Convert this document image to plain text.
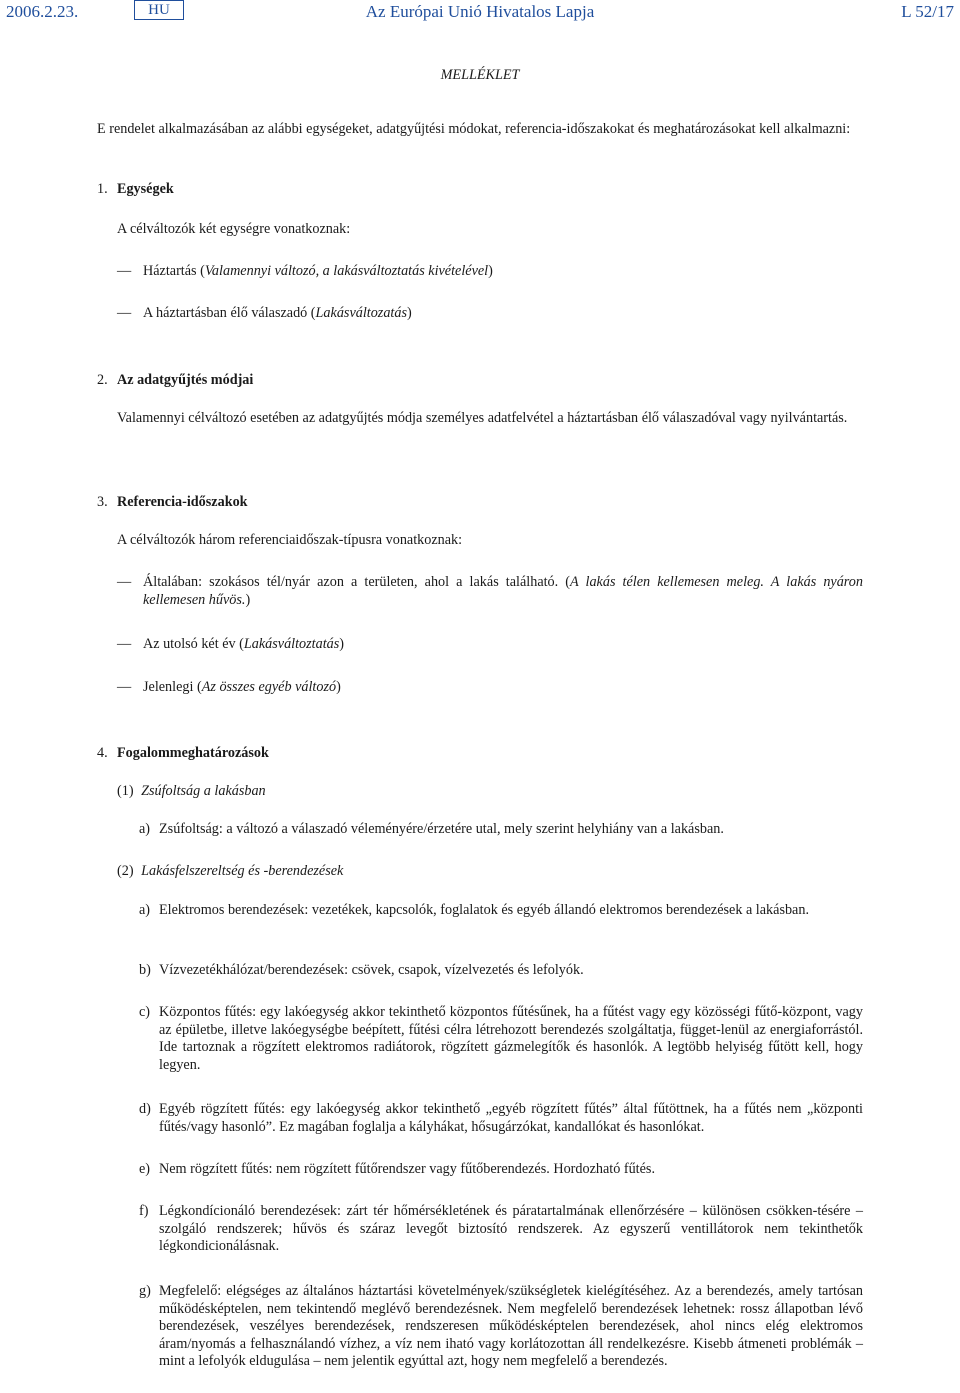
2006.2.23.	HU	Az Európai Unió Hivatalos Lapja	L 52/17
MELLÉKLET
E rendelet alkalmazásában az alábbi egységeket, adatgyűjtési módokat, referencia-időszakokat és meghatározásokat kell alkalmazni:
1. Egységek
A célváltozók két egységre vonatkoznak:
— Háztartás (Valamennyi változó, a lakásváltoztatás kivételével)
— A háztartásban élő válaszadó (Lakásváltozatás)
2. Az adatgyűjtés módjai
Valamennyi célváltozó esetében az adatgyűjtés módja személyes adatfelvétel a háztartásban élő válaszadóval vagy nyilvántartás.
3. Referencia-időszakok
A célváltozók három referenciaidőszak-típusra vonatkoznak:
— Általában: szokásos tél/nyár azon a területen, ahol a lakás található. (A lakás télen kellemesen meleg. A lakás nyáron kellemesen hűvös.)
— Az utolsó két év (Lakásváltoztatás)
— Jelenlegi (Az összes egyéb változó)
4. Fogalommeghatározások
(1) Zsúfoltság a lakásban
a) Zsúfoltság: a változó a válaszadó véleményére/érzetére utal, mely szerint helyhiány van a lakásban.
(2) Lakásfelszereltség és -berendezések
a) Elektromos berendezések: vezetékek, kapcsolók, foglalatok és egyéb állandó elektromos berendezések a lakásban.
b) Vízvezetékhálózat/berendezések: csövek, csapok, vízelvezetés és lefolyók.
c) Központos fűtés: egy lakóegység akkor tekinthető központos fűtésűnek, ha a fűtést vagy egy közösségi fűtő-központ, vagy az épületbe, illetve lakóegységbe beépített, fűtési célra létrehozott berendezés szolgáltatja, függet-lenül az energiaforrástól. Ide tartoznak a rögzített elektromos radiátorok, rögzített gázmelegítők és hasonlók. A legtöbb helyiség fűtött kell, hogy legyen.
d) Egyéb rögzített fűtés: egy lakóegység akkor tekinthető „egyéb rögzített fűtés” által fűtöttnek, ha a fűtés nem „központi fűtés/vagy hasonló”. Ez magában foglalja a kályhákat, hősugárzókat, kandallókat és hasonlókat.
e) Nem rögzített fűtés: nem rögzített fűtőrendszer vagy fűtőberendezés. Hordozható fűtés.
f) Légkondícionáló berendezések: zárt tér hőmérsékletének és páratartalmának ellenőrzésére – különösen csökken-tésére – szolgáló rendszerek; hűvös és száraz levegőt biztosító rendszerek. Az egyszerű ventillátorok nem tekinthetők légkondicionálásnak.
g) Megfelelő: elégséges az általános háztartási követelmények/szükségletek kielégítéséhez. Az a berendezés, amely tartósan működésképtelen, nem tekintendő meglévő berendezésnek. Nem megfelelő berendezések lehetnek: rossz állapotban lévő berendezések, veszélyes berendezések, rendszeresen működésképtelen berendezések, ahol nincs elég elektromos áram/nyomás a felhasználandó vízhez, a víz nem iható vagy korlátozottan áll rendelkezésre. Kisebb átmeneti problémák – mint a lefolyók eldugulása – nem jelentik egyúttal azt, hogy nem megfelelő a berendezés.
